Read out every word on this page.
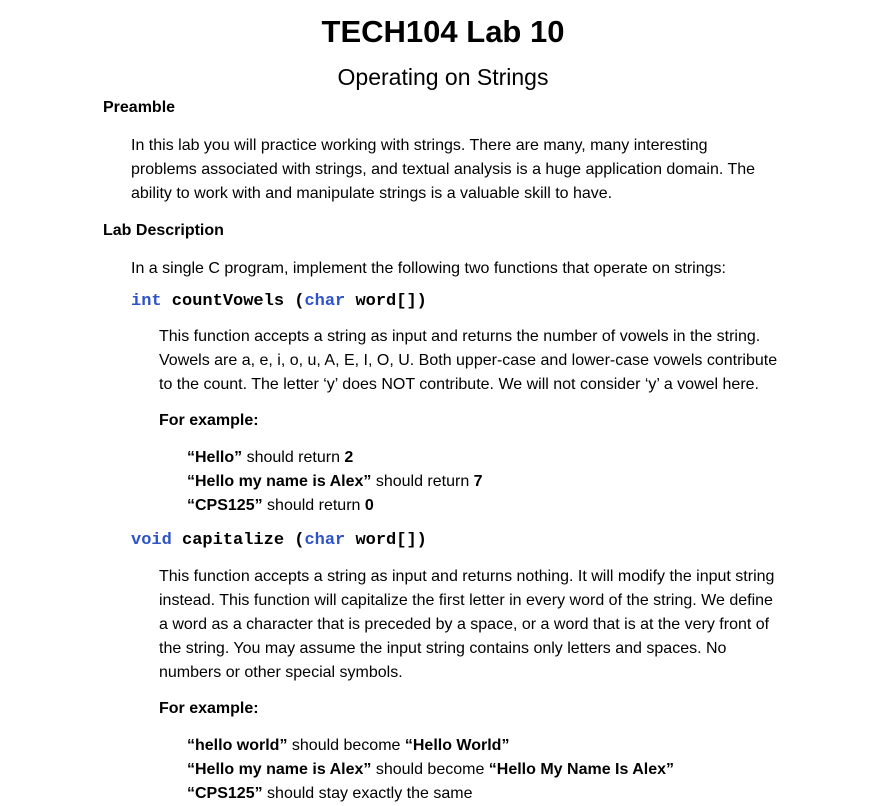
TECH104 Lab 10
Operating on Strings
Preamble
In this lab you will practice working with strings. There are many, many interesting
problems associated with strings, and textual analysis is a huge application domain. The
ability to work with and manipulate strings is a valuable skill to have.
Lab Description
In a single C program, implement the following two functions that operate on strings:
int countVowels (char word[])
This function accepts a string as input and returns the number of vowels in the string.
Vowels are a, e, i, o, u, A, E, I, O, U. Both upper-case and lower-case vowels contribute
to the count. The letter ‘y’ does NOT contribute. We will not consider ‘y’ a vowel here.
For example:
“Hello” should return 2
“Hello my name is Alex” should return 7
“CPS125” should return 0
void capitalize (char word[])
This function accepts a string as input and returns nothing. It will modify the input string
instead. This function will capitalize the first letter in every word of the string. We define
a word as a character that is preceded by a space, or a word that is at the very front of
the string. You may assume the input string contains only letters and spaces. No
numbers or other special symbols.
For example:
“hello world” should become “Hello World”
“Hello my name is Alex” should become “Hello My Name Is Alex”
“CPS125” should stay exactly the same
